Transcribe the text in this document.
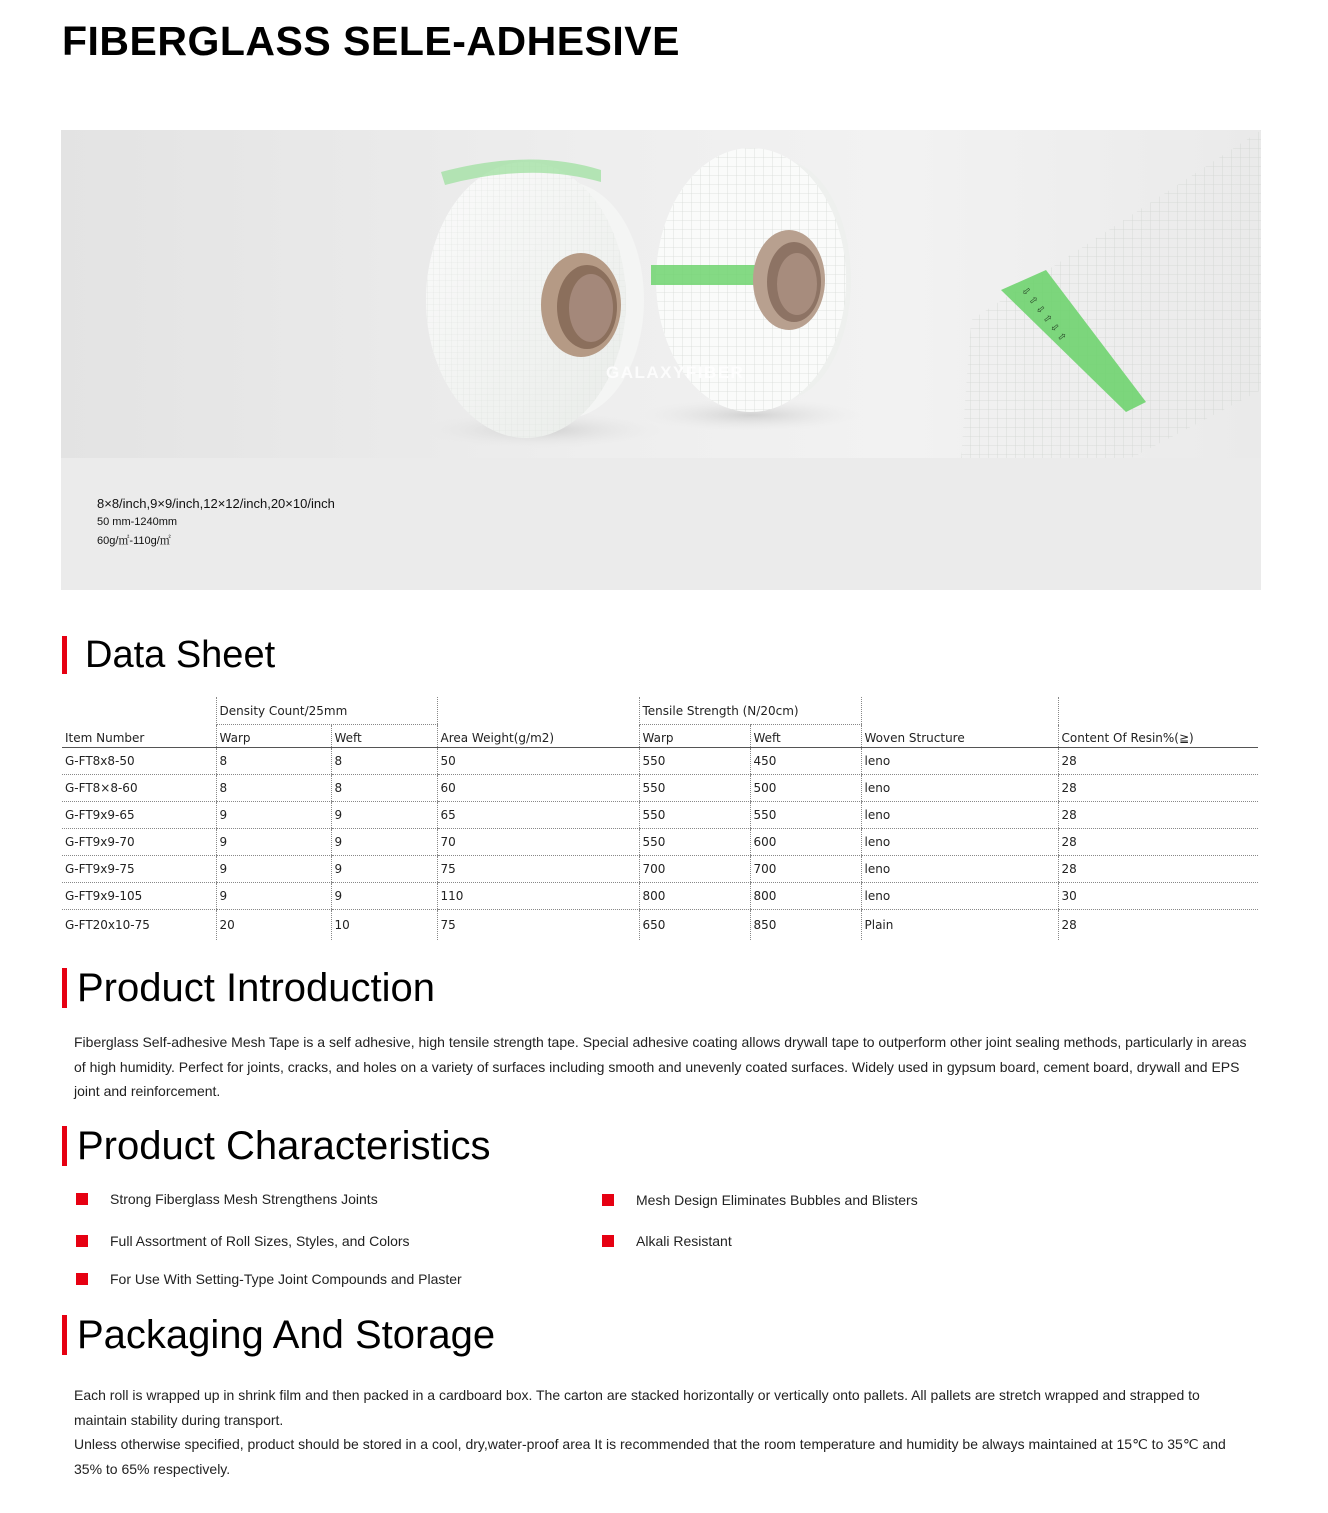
FIBERGLASS SELE-ADHESIVE
⇩ ⇧ ⇩ ⇧ ⇩ ⇧
GALAXYFIBER
8×8/inch,9×9/inch,12×12/inch,20×10/inch
50 mm-1240mm
60g/㎡-110g/㎡
Data Sheet
	Density Count/25mm			Tensile Strength (N/20cm)			
Item Number	Warp	Weft	Area Weight(g/m2)	Warp	Weft	Woven Structure	Content Of Resin%(≧)
G-FT8x8-50	8	8	50	550	450	leno	28
G-FT8×8-60	8	8	60	550	500	leno	28
G-FT9x9-65	9	9	65	550	550	leno	28
G-FT9x9-70	9	9	70	550	600	leno	28
G-FT9x9-75	9	9	75	700	700	leno	28
G-FT9x9-105	9	9	110	800	800	leno	30
G-FT20x10-75	20	10	75	650	850	Plain	28
Product Introduction

Fiberglass Self-adhesive Mesh Tape is a self adhesive, high tensile strength tape. Special adhesive coating allows drywall tape to outperform other joint sealing methods, particularly in areas of high humidity. Perfect for joints, cracks, and holes on a variety of surfaces including smooth and unevenly coated surfaces. Widely used in gypsum board, cement board, drywall and EPS joint and reinforcement.

Product Characteristics
Strong Fiberglass Mesh Strengthens Joints	Mesh Design Eliminates Bubbles and Blisters
Full Assortment of Roll Sizes, Styles, and Colors	Alkali Resistant
For Use With Setting-Type Joint Compounds and Plaster
Packaging And Storage
Each roll is wrapped up in shrink film and then packed in a cardboard box. The carton are stacked horizontally or vertically onto pallets. All pallets are stretch wrapped and strapped to maintain stability during transport.
Unless otherwise specified, product should be stored in a cool, dry,water-proof area It is recommended that the room temperature and humidity be always maintained at 15℃ to 35℃ and 35% to 65% respectively.
